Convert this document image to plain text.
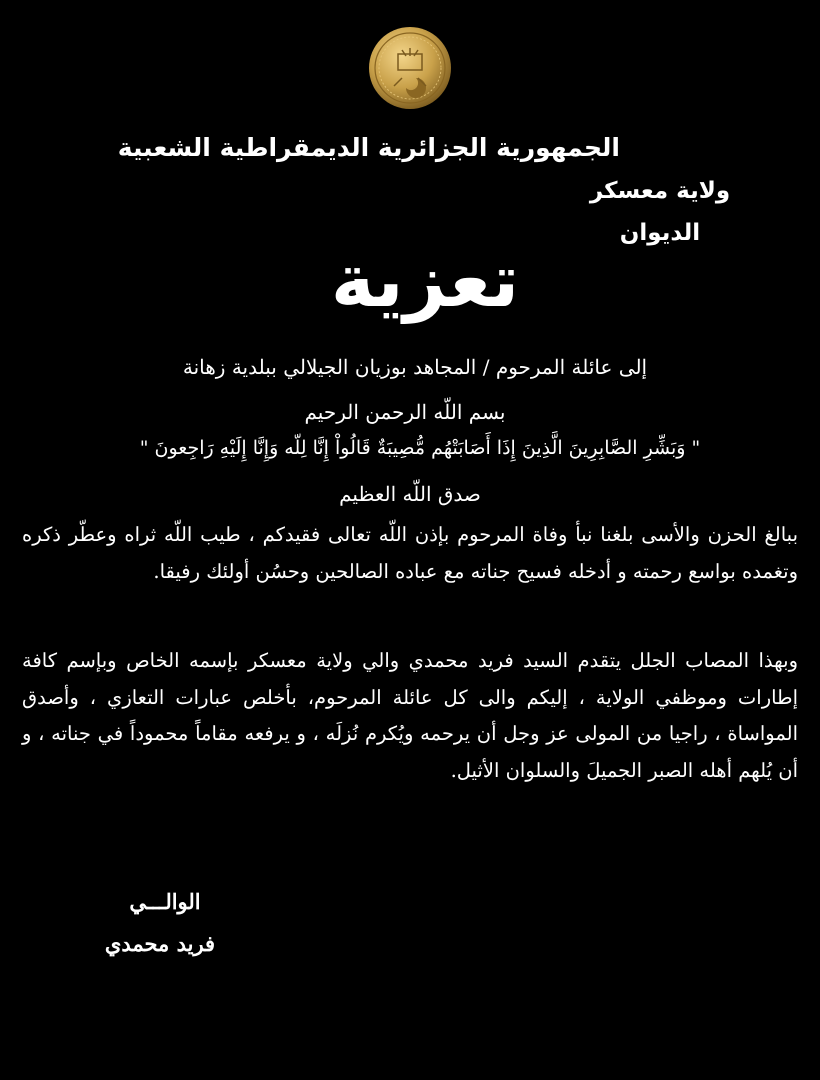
الجمهورية الجزائرية الديمقراطية الشعبية
ولاية معسكر
الديوان
تعزية
إلى عائلة المرحوم / المجاهد بوزيان الجيلالي ببلدية زهانة
بسم اللّه الرحمن الرحيم
" وَبَشِّرِ الصَّابِرِينَ الَّذِينَ إِذَا أَصَابَتْهُم مُّصِيبَةٌ قَالُواْ إِنَّا لِلّه وَإِنَّا إِلَيْهِ رَاجِعونَ "
صدق اللّه العظيم
ببالغ الحزن والأسى بلغنا نبأ وفاة المرحوم بإذن اللّه تعالى فقيدكم ، طيب اللّه ثراه وعطّر ذكره وتغمده بواسع رحمته و أدخله فسيح جناته مع عباده الصالحين وحسُن أولئك رفيقا.
وبهذا المصاب الجلل يتقدم السيد فريد محمدي والي ولاية معسكر بإسمه الخاص وبإسم كافة إطارات وموظفي الولاية ، إليكم والى كل عائلة المرحوم، بأخلص عبارات التعازي ، وأصدق المواساة ، راجيا من المولى عز وجل أن يرحمه ويُكرم نُزلَه ، و يرفعه مقاماً محموداً في جناته ، و أن يُلهم أهله الصبر الجميلَ والسلوان الأثيل.
الوالـــي
فريد محمدي
